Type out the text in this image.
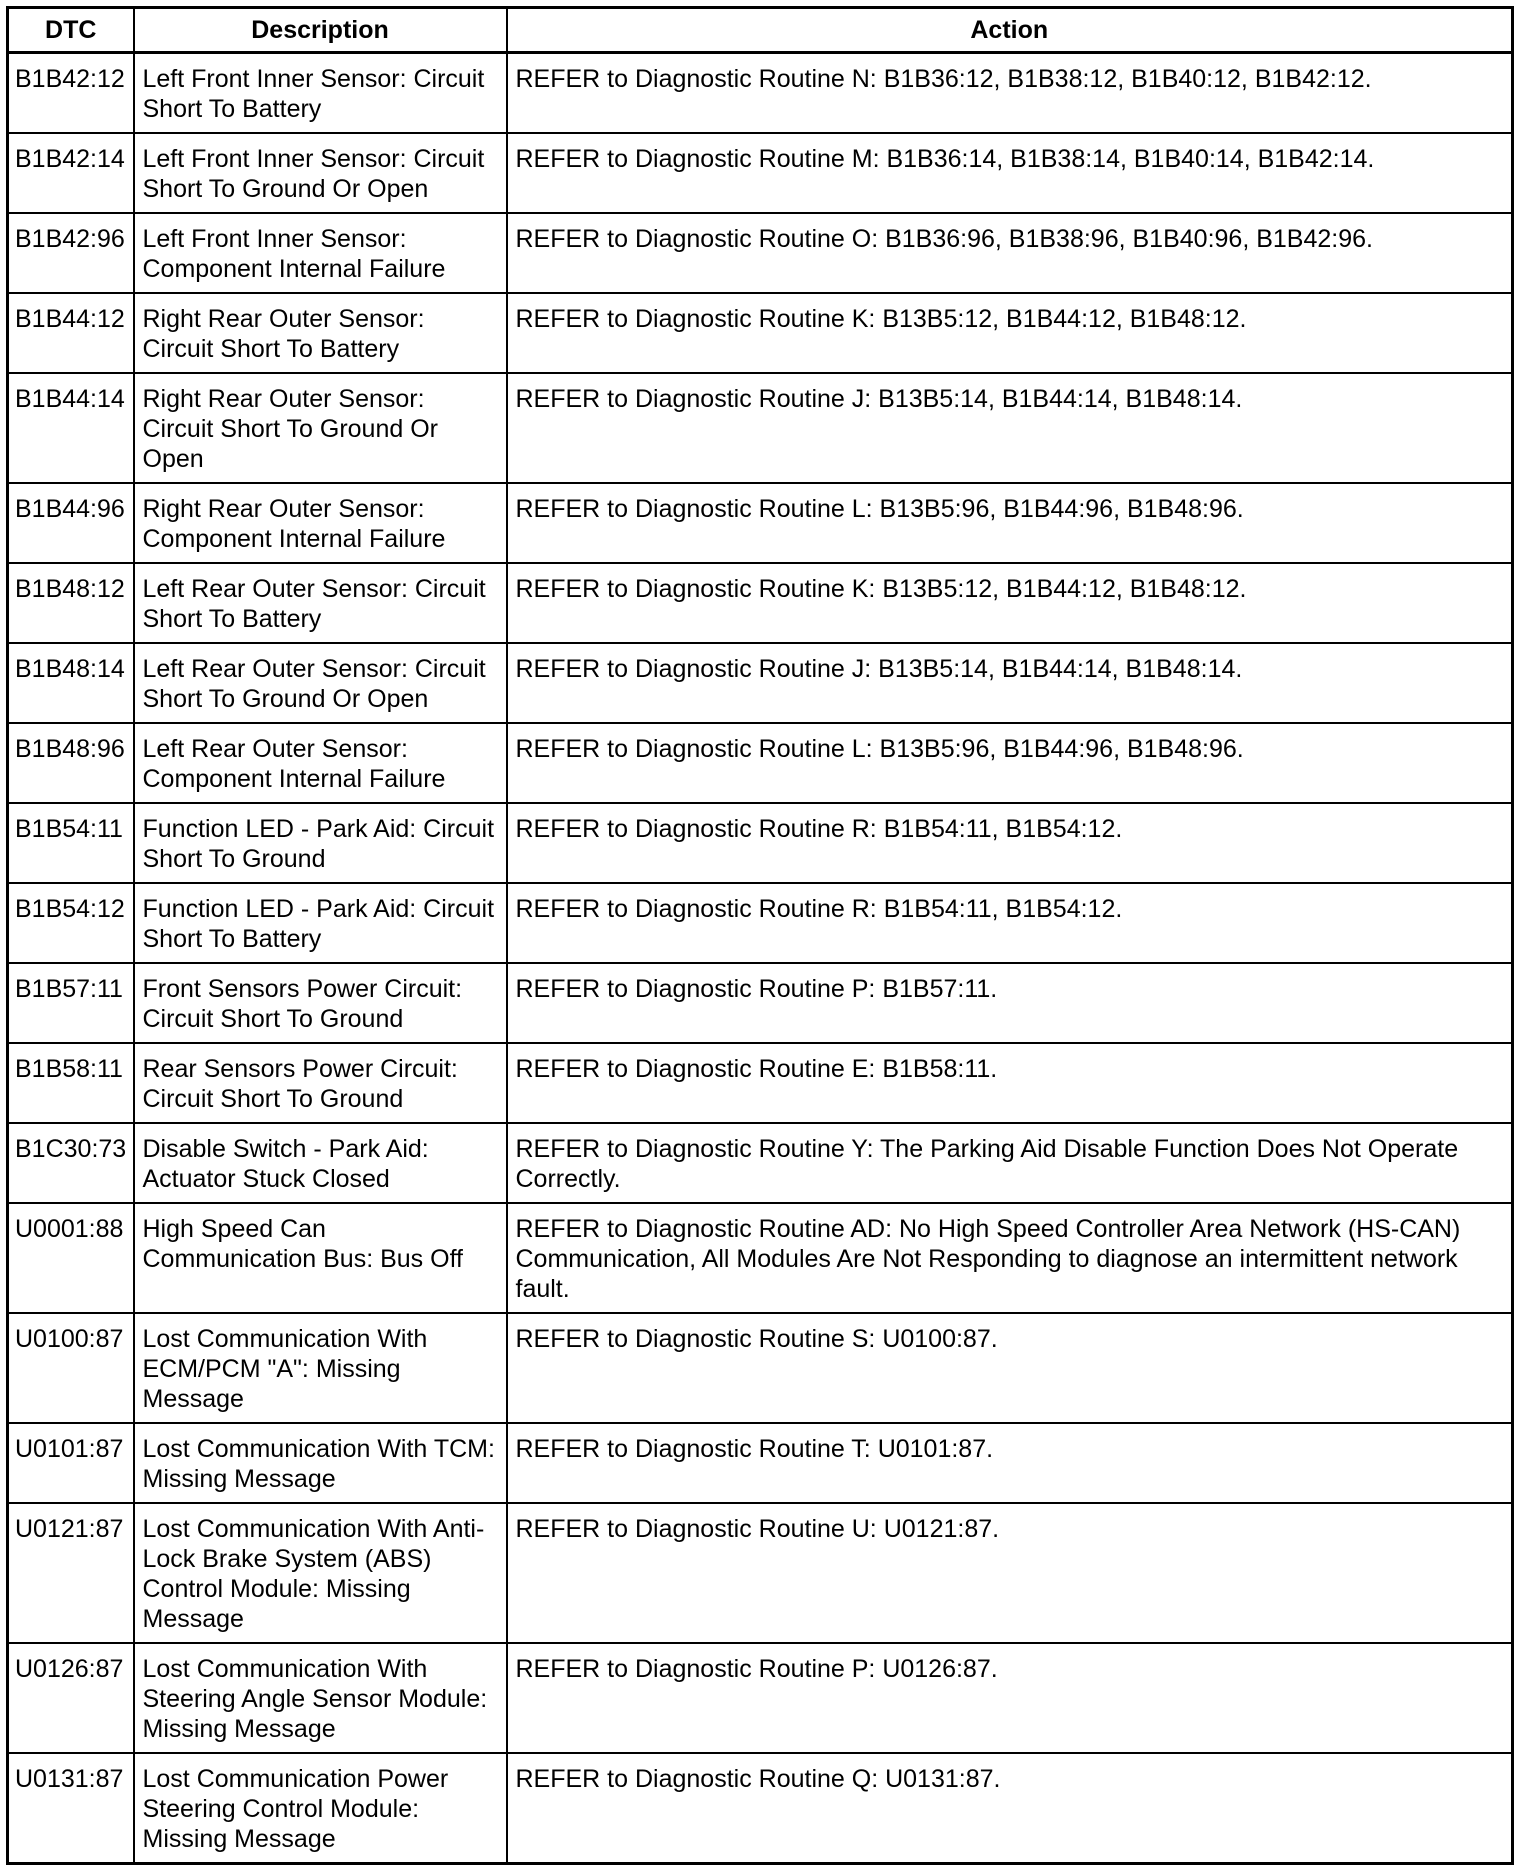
DTC	Description	Action
B1B42:12	Left Front Inner Sensor: Circuit Short To Battery	REFER to Diagnostic Routine N: B1B36:12, B1B38:12, B1B40:12, B1B42:12.
B1B42:14	Left Front Inner Sensor: Circuit Short To Ground Or Open	REFER to Diagnostic Routine M: B1B36:14, B1B38:14, B1B40:14, B1B42:14.
B1B42:96	Left Front Inner Sensor: Component Internal Failure	REFER to Diagnostic Routine O: B1B36:96, B1B38:96, B1B40:96, B1B42:96.
B1B44:12	Right Rear Outer Sensor: Circuit Short To Battery	REFER to Diagnostic Routine K: B13B5:12, B1B44:12, B1B48:12.
B1B44:14	Right Rear Outer Sensor: Circuit Short To Ground Or Open	REFER to Diagnostic Routine J: B13B5:14, B1B44:14, B1B48:14.
B1B44:96	Right Rear Outer Sensor: Component Internal Failure	REFER to Diagnostic Routine L: B13B5:96, B1B44:96, B1B48:96.
B1B48:12	Left Rear Outer Sensor: Circuit Short To Battery	REFER to Diagnostic Routine K: B13B5:12, B1B44:12, B1B48:12.
B1B48:14	Left Rear Outer Sensor: Circuit Short To Ground Or Open	REFER to Diagnostic Routine J: B13B5:14, B1B44:14, B1B48:14.
B1B48:96	Left Rear Outer Sensor: Component Internal Failure	REFER to Diagnostic Routine L: B13B5:96, B1B44:96, B1B48:96.
B1B54:11	Function LED - Park Aid: Circuit Short To Ground	REFER to Diagnostic Routine R: B1B54:11, B1B54:12.
B1B54:12	Function LED - Park Aid: Circuit Short To Battery	REFER to Diagnostic Routine R: B1B54:11, B1B54:12.
B1B57:11	Front Sensors Power Circuit: Circuit Short To Ground	REFER to Diagnostic Routine P: B1B57:11.
B1B58:11	Rear Sensors Power Circuit: Circuit Short To Ground	REFER to Diagnostic Routine E: B1B58:11.
B1C30:73	Disable Switch - Park Aid: Actuator Stuck Closed	REFER to Diagnostic Routine Y: The Parking Aid Disable Function Does Not Operate Correctly.
U0001:88	High Speed Can Communication Bus: Bus Off	REFER to Diagnostic Routine AD: No High Speed Controller Area Network (HS-CAN) Communication, All Modules Are Not Responding to diagnose an intermittent network fault.
U0100:87	Lost Communication With ECM/PCM "A": Missing Message	REFER to Diagnostic Routine S: U0100:87.
U0101:87	Lost Communication With TCM: Missing Message	REFER to Diagnostic Routine T: U0101:87.
U0121:87	Lost Communication With Anti-Lock Brake System (ABS) Control Module: Missing Message	REFER to Diagnostic Routine U: U0121:87.
U0126:87	Lost Communication With Steering Angle Sensor Module: Missing Message	REFER to Diagnostic Routine P: U0126:87.
U0131:87	Lost Communication Power Steering Control Module: Missing Message	REFER to Diagnostic Routine Q: U0131:87.
